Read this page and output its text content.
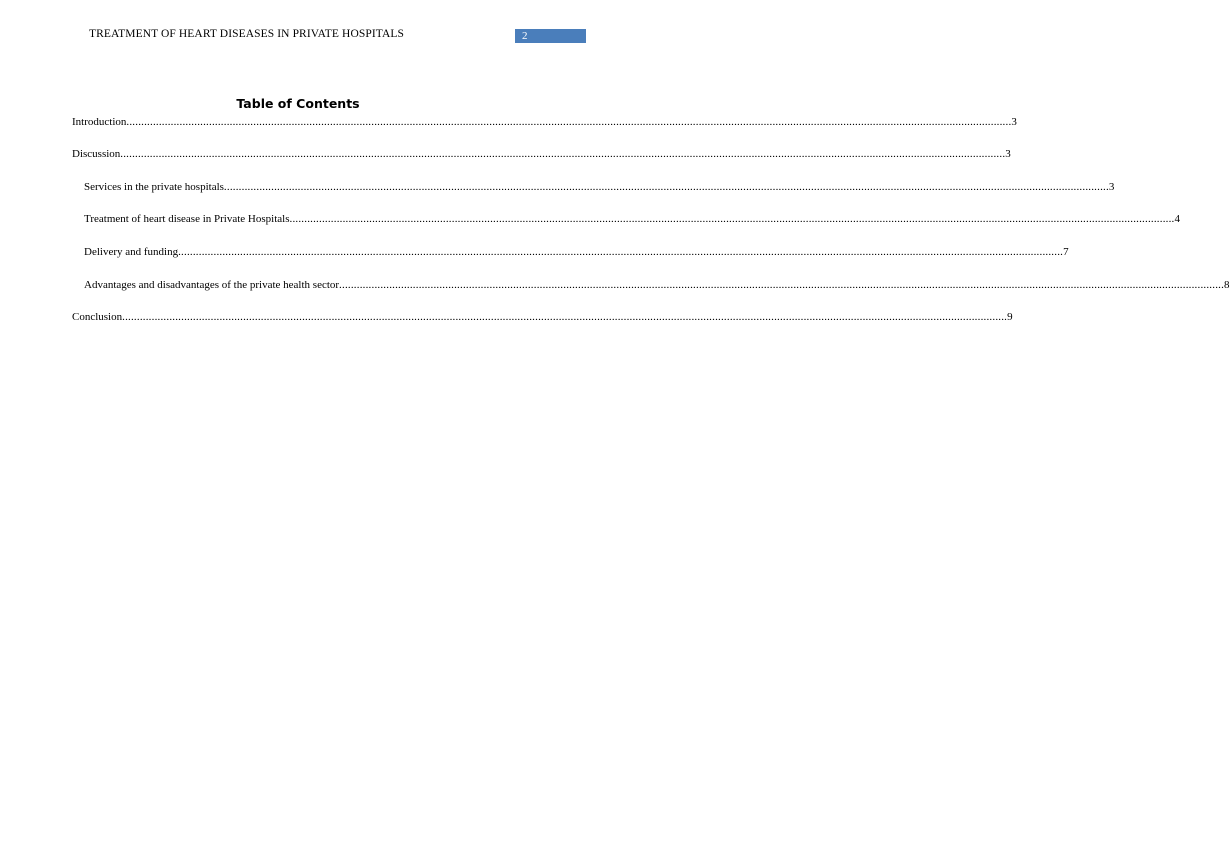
TREATMENT OF HEART DISEASES IN PRIVATE HOSPITALS	2
Table of Contents
Introduction ............................................................................................................................................................................................................................................................................................................ 3
Discussion ............................................................................................................................................................................................................................................................................................................ 3
Services in the private hospitals ............................................................................................................................................................................................................................................................................................................ 3
Treatment of heart disease in Private Hospitals ............................................................................................................................................................................................................................................................................................................ 4
Delivery and funding ............................................................................................................................................................................................................................................................................................................ 7
Advantages and disadvantages of the private health sector ............................................................................................................................................................................................................................................................................................................ 8
Conclusion ............................................................................................................................................................................................................................................................................................................ 9
